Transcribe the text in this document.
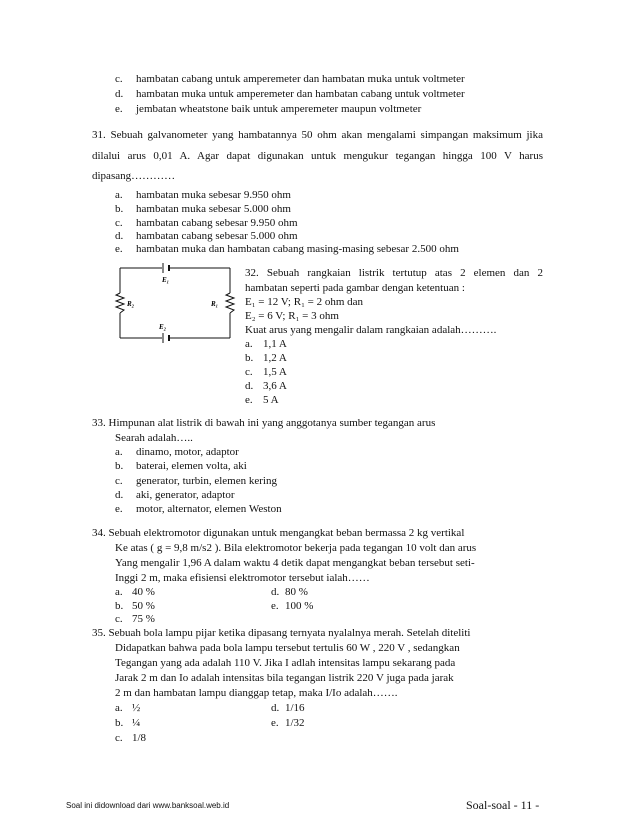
c. hambatan cabang untuk amperemeter dan hambatan muka untuk voltmeter
d. hambatan muka untuk amperemeter dan hambatan cabang untuk voltmeter
e. jembatan wheatstone baik untuk amperemeter maupun voltmeter
31. Sebuah galvanometer yang hambatannya 50 ohm akan mengalami simpangan maksimum jika
dilalui arus 0,01 A. Agar dapat digunakan untuk mengukur tegangan hingga 100 V harus
dipasang…………
a. hambatan muka sebesar 9.950 ohm
b. hambatan muka sebesar 5.000 ohm
c. hambatan cabang sebesar 9.950 ohm
d. hambatan cabang sebesar 5.000 ohm
e. hambatan muka dan hambatan cabang masing-masing sebesar 2.500 ohm
E₁
E₂
R₂	R₁
32. Sebuah rangkaian listrik tertutup atas 2 elemen dan 2
hambatan seperti pada gambar dengan ketentuan :
E₁ = 12 V; R₁ = 2 ohm dan
E₂ = 6 V; R₁ = 3 ohm
Kuat arus yang mengalir dalam rangkaian adalah……….
a. 1,1 A
b. 1,2 A
c. 1,5 A
d. 3,6 A
e. 5 A
33. Himpunan alat listrik di bawah ini yang anggotanya sumber tegangan arus
Searah adalah…..
a. dinamo, motor, adaptor
b. baterai, elemen volta, aki
c. generator, turbin, elemen kering
d. aki, generator, adaptor
e. motor, alternator, elemen Weston
34. Sebuah elektromotor digunakan untuk mengangkat beban bermassa 2 kg vertikal
Ke atas ( g = 9,8 m/s2 ). Bila elektromotor bekerja pada tegangan 10 volt dan arus
Yang mengalir 1,96 A dalam waktu 4 detik dapat mengangkat beban tersebut seti-
Inggi 2 m, maka efisiensi elektromotor tersebut ialah……
a. 40 %	d. 80 %
b. 50 %	e. 100 %
c. 75 %
35. Sebuah bola lampu pijar ketika dipasang ternyata nyalalnya merah. Setelah diteliti
Didapatkan bahwa pada bola lampu tersebut tertulis 60 W , 220 V , sedangkan
Tegangan yang ada adalah 110 V. Jika I adlah intensitas lampu sekarang pada
Jarak 2 m dan Io adalah intensitas bila tegangan listrik 220 V juga pada jarak
2 m dan hambatan lampu dianggap tetap, maka I/Io adalah…….
a. ½	d. 1/16
b. ¼	e. 1/32
c. 1/8
Soal ini didownload dari www.banksoal.web.id	Soal-soal - 11 -
